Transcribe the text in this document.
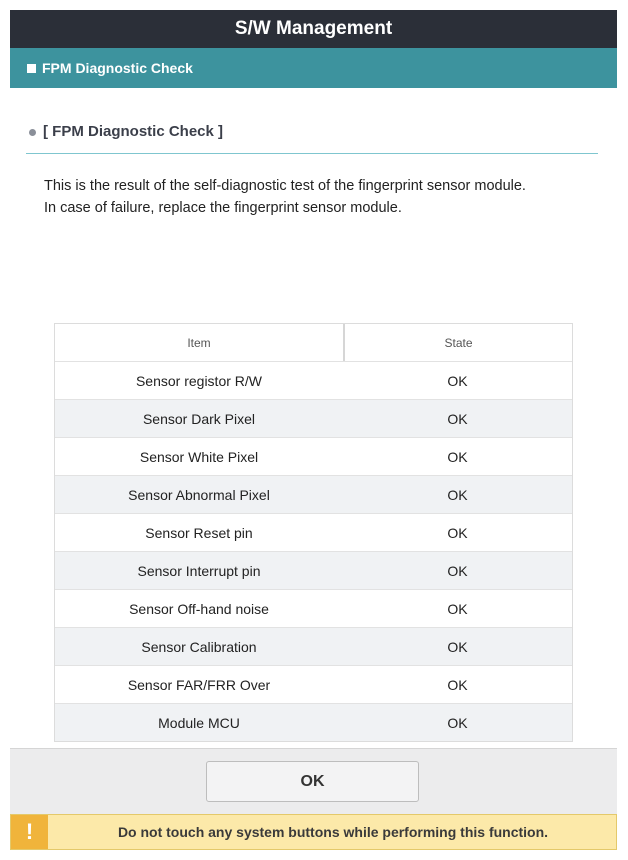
S/W Management
FPM Diagnostic Check
[ FPM Diagnostic Check ]
This is the result of the self-diagnostic test of the fingerprint sensor module.
In case of failure, replace the fingerprint sensor module.
Item	State
Sensor registor R/W	OK
Sensor Dark Pixel	OK
Sensor White Pixel	OK
Sensor Abnormal Pixel	OK
Sensor Reset pin	OK
Sensor Interrupt pin	OK
Sensor Off-hand noise	OK
Sensor Calibration	OK
Sensor FAR/FRR Over	OK
Module MCU	OK
OK
!	Do not touch any system buttons while performing this function.
